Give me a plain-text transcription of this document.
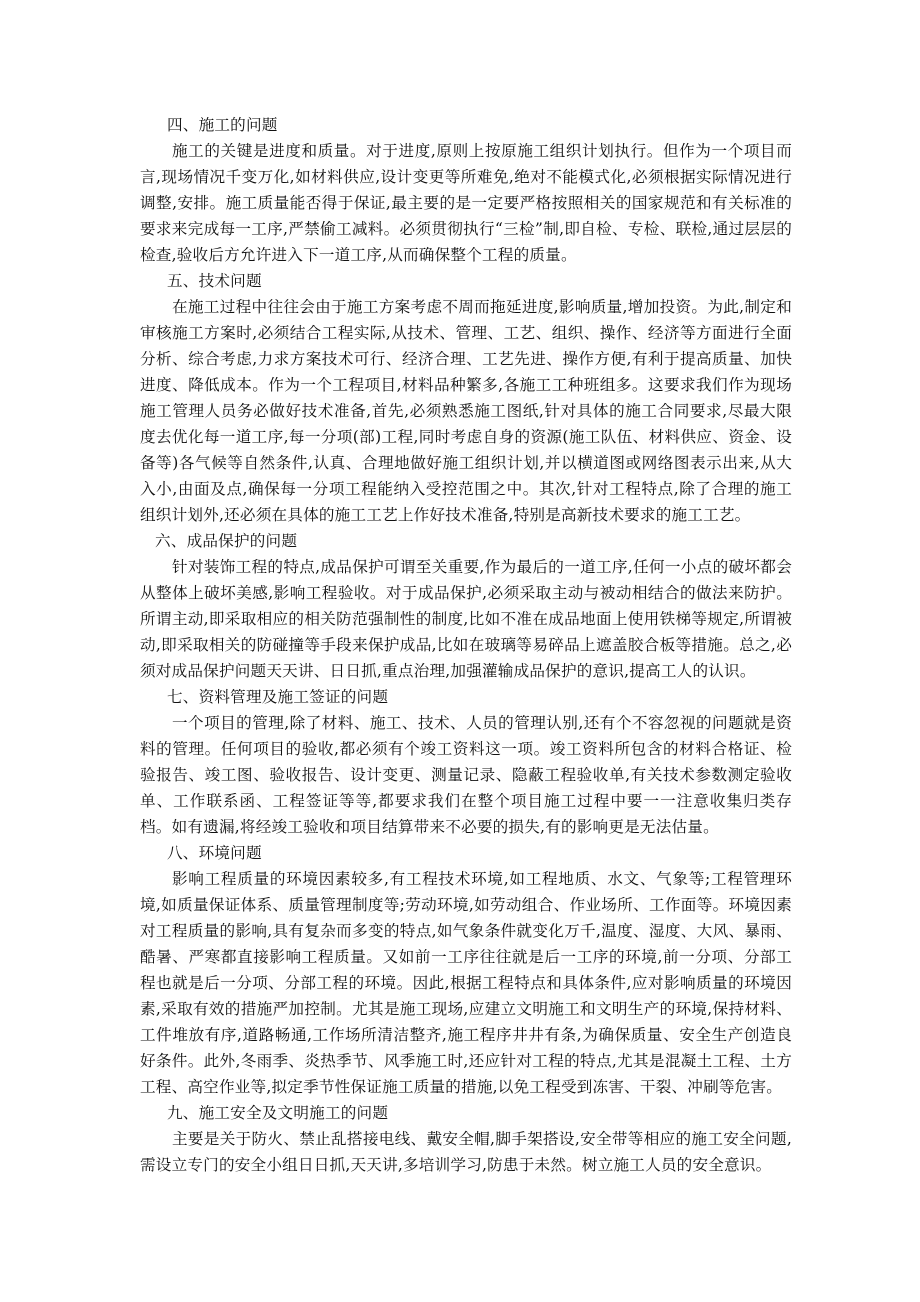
四、施工的问题

施工的关键是进度和质量。对于进度,原则上按原施工组织计划执行。但作为一个项目而言,现场情况千变万化,如材料供应,设计变更等所难免,绝对不能模式化,必须根据实际情况进行调整,安排。施工质量能否得于保证,最主要的是一定要严格按照相关的国家规范和有关标准的要求来完成每一工序,严禁偷工减料。必须贯彻执行“三检”制,即自检、专检、联检,通过层层的检查,验收后方允许进入下一道工序,从而确保整个工程的质量。

五、技术问题

在施工过程中往往会由于施工方案考虑不周而拖延进度,影响质量,增加投资。为此,制定和审核施工方案时,必须结合工程实际,从技术、管理、工艺、组织、操作、经济等方面进行全面分析、综合考虑,力求方案技术可行、经济合理、工艺先进、操作方便,有利于提高质量、加快进度、降低成本。作为一个工程项目,材料品种繁多,各施工工种班组多。这要求我们作为现场施工管理人员务必做好技术准备,首先,必须熟悉施工图纸,针对具体的施工合同要求,尽最大限度去优化每一道工序,每一分项(部)工程,同时考虑自身的资源(施工队伍、材料供应、资金、设备等)各气候等自然条件,认真、合理地做好施工组织计划,并以横道图或网络图表示出来,从大入小,由面及点,确保每一分项工程能纳入受控范围之中。其次,针对工程特点,除了合理的施工组织计划外,还必须在具体的施工工艺上作好技术准备,特别是高新技术要求的施工工艺。

六、成品保护的问题

针对装饰工程的特点,成品保护可谓至关重要,作为最后的一道工序,任何一小点的破坏都会从整体上破坏美感,影响工程验收。对于成品保护,必须采取主动与被动相结合的做法来防护。所谓主动,即采取相应的相关防范强制性的制度,比如不准在成品地面上使用铁梯等规定,所谓被动,即采取相关的防碰撞等手段来保护成品,比如在玻璃等易碎品上遮盖胶合板等措施。总之,必须对成品保护问题天天讲、日日抓,重点治理,加强灌输成品保护的意识,提高工人的认识。

七、资料管理及施工签证的问题

一个项目的管理,除了材料、施工、技术、人员的管理认别,还有个不容忽视的问题就是资料的管理。任何项目的验收,都必须有个竣工资料这一项。竣工资料所包含的材料合格证、检验报告、竣工图、验收报告、设计变更、测量记录、隐蔽工程验收单,有关技术参数测定验收单、工作联系函、工程签证等等,都要求我们在整个项目施工过程中要一一注意收集归类存档。如有遗漏,将经竣工验收和项目结算带来不必要的损失,有的影响更是无法估量。

八、环境问题

影响工程质量的环境因素较多,有工程技术环境,如工程地质、水文、气象等;工程管理环境,如质量保证体系、质量管理制度等;劳动环境,如劳动组合、作业场所、工作面等。环境因素对工程质量的影响,具有复杂而多变的特点,如气象条件就变化万千,温度、湿度、大风、暴雨、酷暑、严寒都直接影响工程质量。又如前一工序往往就是后一工序的环境,前一分项、分部工程也就是后一分项、分部工程的环境。因此,根据工程特点和具体条件,应对影响质量的环境因素,采取有效的措施严加控制。尤其是施工现场,应建立文明施工和文明生产的环境,保持材料、工件堆放有序,道路畅通,工作场所清洁整齐,施工程序井井有条,为确保质量、安全生产创造良好条件。此外,冬雨季、炎热季节、风季施工时,还应针对工程的特点,尤其是混凝土工程、土方工程、高空作业等,拟定季节性保证施工质量的措施,以免工程受到冻害、干裂、冲刷等危害。

九、施工安全及文明施工的问题

主要是关于防火、禁止乱搭接电线、戴安全帽,脚手架搭设,安全带等相应的施工安全问题,需设立专门的安全小组日日抓,天天讲,多培训学习,防患于未然。树立施工人员的安全意识。
